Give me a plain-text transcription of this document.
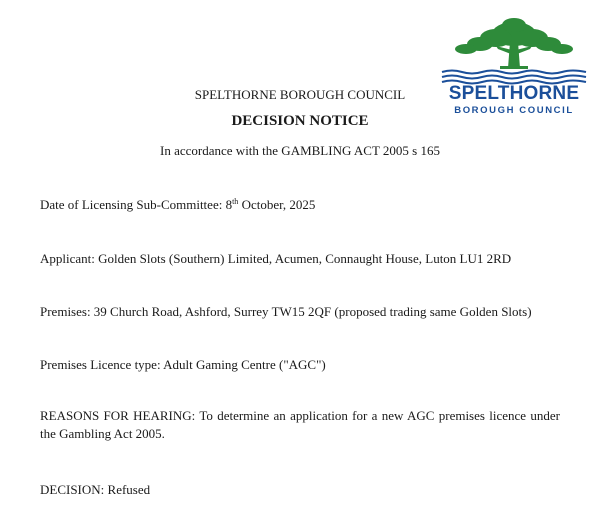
SPELTHORNE
BOROUGH COUNCIL
SPELTHORNE BOROUGH COUNCIL
DECISION NOTICE
In accordance with the GAMBLING ACT 2005 s 165
Date of Licensing Sub-Committee: 8th October, 2025
Applicant: Golden Slots (Southern) Limited, Acumen, Connaught House, Luton LU1 2RD
Premises: 39 Church Road, Ashford, Surrey TW15 2QF (proposed trading same Golden Slots)
Premises Licence type: Adult Gaming Centre ("AGC")
REASONS FOR HEARING: To determine an application for a new AGC premises licence under the Gambling Act 2005.
DECISION: Refused
